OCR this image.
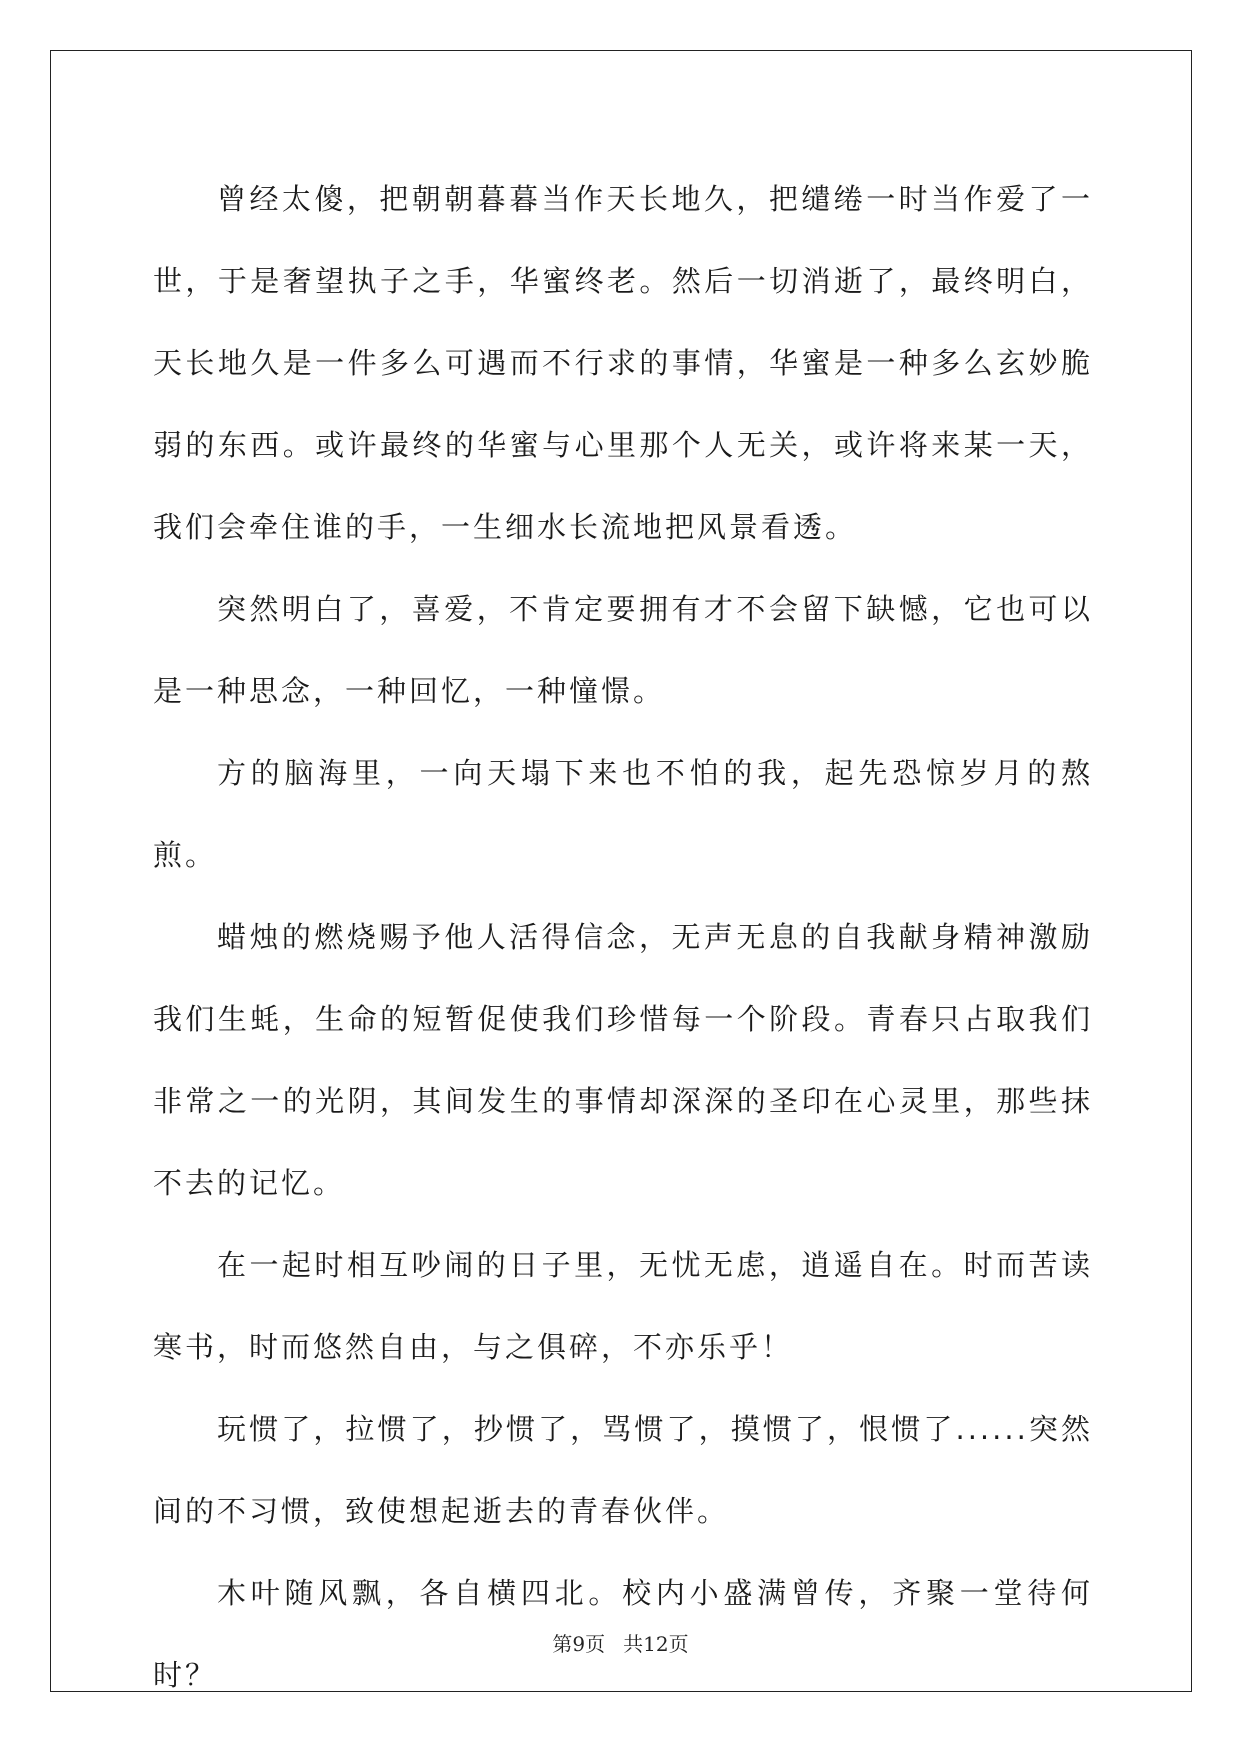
曾经太傻，把朝朝暮暮当作天长地久，把缱绻一时当作爱了一世，于是奢望执子之手，华蜜终老。然后一切消逝了，最终明白，天长地久是一件多么可遇而不行求的事情，华蜜是一种多么玄妙脆弱的东西。或许最终的华蜜与心里那个人无关，或许将来某一天，我们会牵住谁的手，一生细水长流地把风景看透。

突然明白了，喜爱，不肯定要拥有才不会留下缺憾，它也可以是一种思念，一种回忆，一种憧憬。

方的脑海里，一向天塌下来也不怕的我，起先恐惊岁月的熬煎。

蜡烛的燃烧赐予他人活得信念，无声无息的自我献身精神激励我们生蚝，生命的短暂促使我们珍惜每一个阶段。青春只占取我们非常之一的光阴，其间发生的事情却深深的圣印在心灵里，那些抹不去的记忆。

在一起时相互吵闹的日子里，无忧无虑，逍遥自在。时而苦读寒书，时而悠然自由，与之俱碎，不亦乐乎！

玩惯了，拉惯了，抄惯了，骂惯了，摸惯了，恨惯了......突然间的不习惯，致使想起逝去的青春伙伴。

木叶随风飘，各自横四北。校内小盛满曾传，齐聚一堂待何时？

第9页 共12页
